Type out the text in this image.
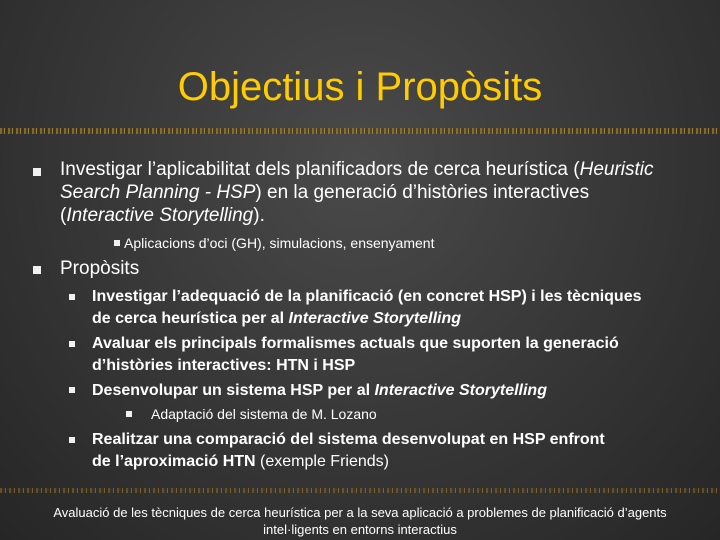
Objectius i Propòsits
Investigar l’aplicabilitat dels planificadors de cerca heurística (Heuristic Search Planning - HSP) en la generació d’històries interactives (Interactive Storytelling).
Aplicacions d’oci (GH), simulacions, ensenyament
Propòsits
Investigar l’adequació de la planificació (en concret HSP) i les tècniques de cerca heurística per al Interactive Storytelling
Avaluar els principals formalismes actuals que suporten la generació d’històries interactives: HTN i HSP
Desenvolupar un sistema HSP per al Interactive Storytelling
Adaptació del sistema de M. Lozano
Realitzar una comparació del sistema desenvolupat en HSP enfront de l’aproximació HTN (exemple Friends)
Avaluació de les tècniques de cerca heurística per a la seva aplicació a problemes de planificació d’agents intel·ligents en entorns interactius
